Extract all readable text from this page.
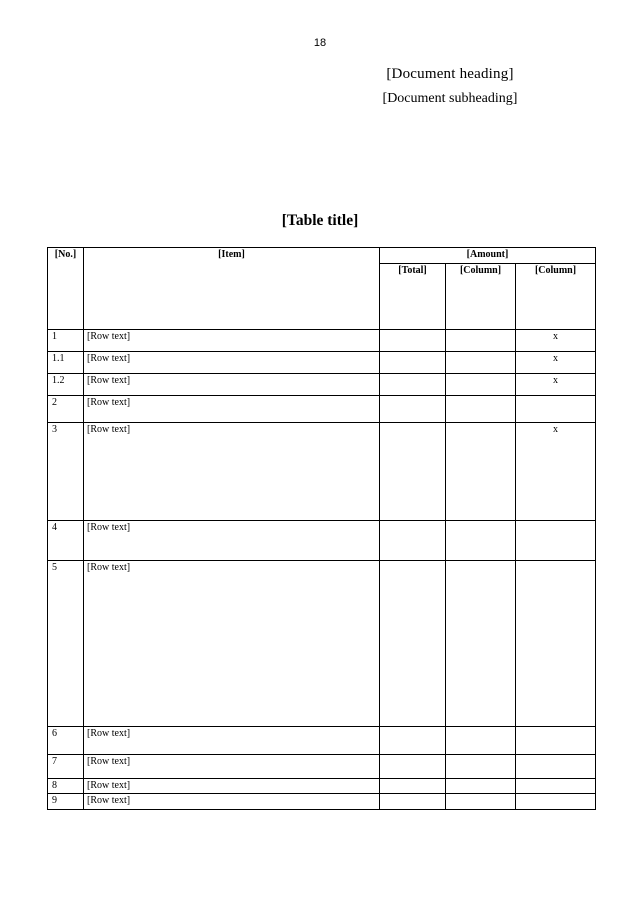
18
[Document heading]
[Document subheading]
[Table title]
[No.]	[Item]	[Amount]		
		[Total]	[Column]	[Column]
1	[Row text]			x
1.1	[Row text]			x
1.2	[Row text]			x
2	[Row text]			
3	[Row text]			x
4	[Row text]			
5	[Row text]			
6	[Row text]			
7	[Row text]			
8	[Row text]			
9	[Row text]			
